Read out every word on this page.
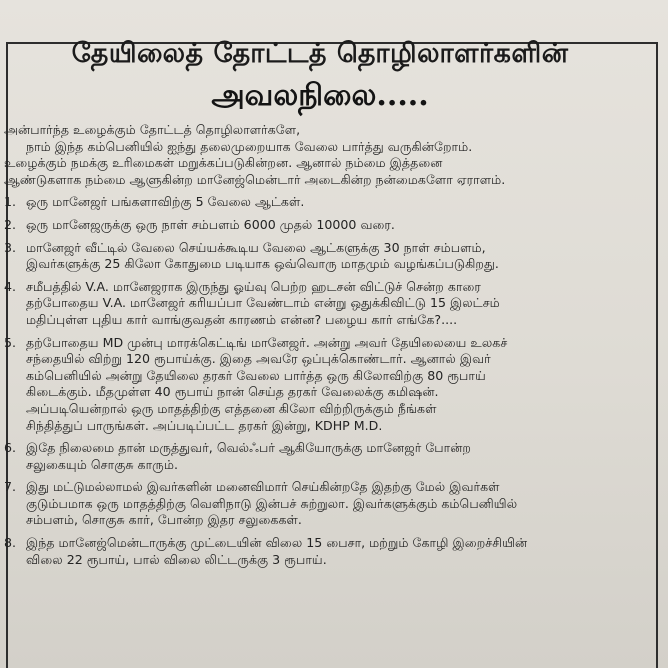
தேயிலைத் தோட்டத் தொழிலாளர்களின்
அவலநிலை.....
அன்பார்ந்த உழைக்கும் தோட்டத் தொழிலாளர்களே,
நாம் இந்த கம்பெனியில் ஐந்து தலைமுறையாக வேலை பார்த்து வருகின்றோம்.
உழைக்கும் நமக்கு உரிமைகள் மறுக்கப்படுகின்றன. ஆனால் நம்மை இத்தனை
ஆண்டுகளாக நம்மை ஆளுகின்ற மானேஜ்மென்டார் அடைகின்ற நன்மைகளோ ஏராளம்.
1. ஒரு மானேஜர் பங்களாவிற்கு 5 வேலை ஆட்கள்.
2. ஒரு மானேஜருக்கு ஒரு நாள் சம்பளம் 6000 முதல் 10000 வரை.
3. மானேஜர் வீட்டில் வேலை செய்யக்கூடிய வேலை ஆட்களுக்கு 30 நாள் சம்பளம்,
இவர்களுக்கு 25 கிலோ கோதுமை படியாக ஒவ்வொரு மாதமும் வழங்கப்படுகிறது.
4. சமீபத்தில் V.A. மானேஜராக இருந்து ஓய்வு பெற்ற ஹடசன் விட்டுச் சென்ற காரை
தற்போதைய V.A. மானேஜர் கரியப்பா வேண்டாம் என்று ஒதுக்கிவிட்டு 15 இலட்சம்
மதிப்புள்ள புதிய கார் வாங்குவதன் காரணம் என்ன? பழைய கார் எங்கே?....
5. தற்போதைய MD முன்பு மாரக்கெட்டிங் மானேஜர். அன்று அவர் தேயிலையை உலகச்
சந்தையில் விற்று 120 ரூபாய்க்கு. இதை அவரே ஒப்புக்கொண்டார். ஆனால் இவர்
கம்பெனியில் அன்று தேயிலை தரகர் வேலை பார்த்த ஒரு கிலோவிற்கு 80 ரூபாய்
கிடைக்கும். மீதமுள்ள 40 ரூபாய் நான் செய்த தரகர் வேலைக்கு கமிஷன்.
அப்படியென்றால் ஒரு மாதத்திற்கு எத்தனை கிலோ விற்றிருக்கும் நீங்கள்
சிந்தித்துப் பாருங்கள். அப்படிப்பட்ட தரகர் இன்று, KDHP M.D.
6. இதே நிலைமை தான் மருத்துவர், வெல்ஃபர் ஆகியோருக்கு மானேஜர் போன்ற
சலுகையும் சொகுசு காரும்.
7. இது மட்டுமல்லாமல் இவர்களின் மனைவிமார் செய்கின்றதே இதற்கு மேல் இவர்கள்
குடும்பமாக ஒரு மாதத்திற்கு வெளிநாடு இன்பச் சுற்றுலா. இவர்களுக்கும் கம்பெனியில்
சம்பளம், சொகுசு கார், போன்ற இதர சலுகைகள்.
8. இந்த மானேஜ்மென்டாருக்கு முட்டையின் விலை 15 பைசா, மற்றும் கோழி இறைச்சியின்
விலை 22 ரூபாய், பால் விலை லிட்டருக்கு 3 ரூபாய்.
